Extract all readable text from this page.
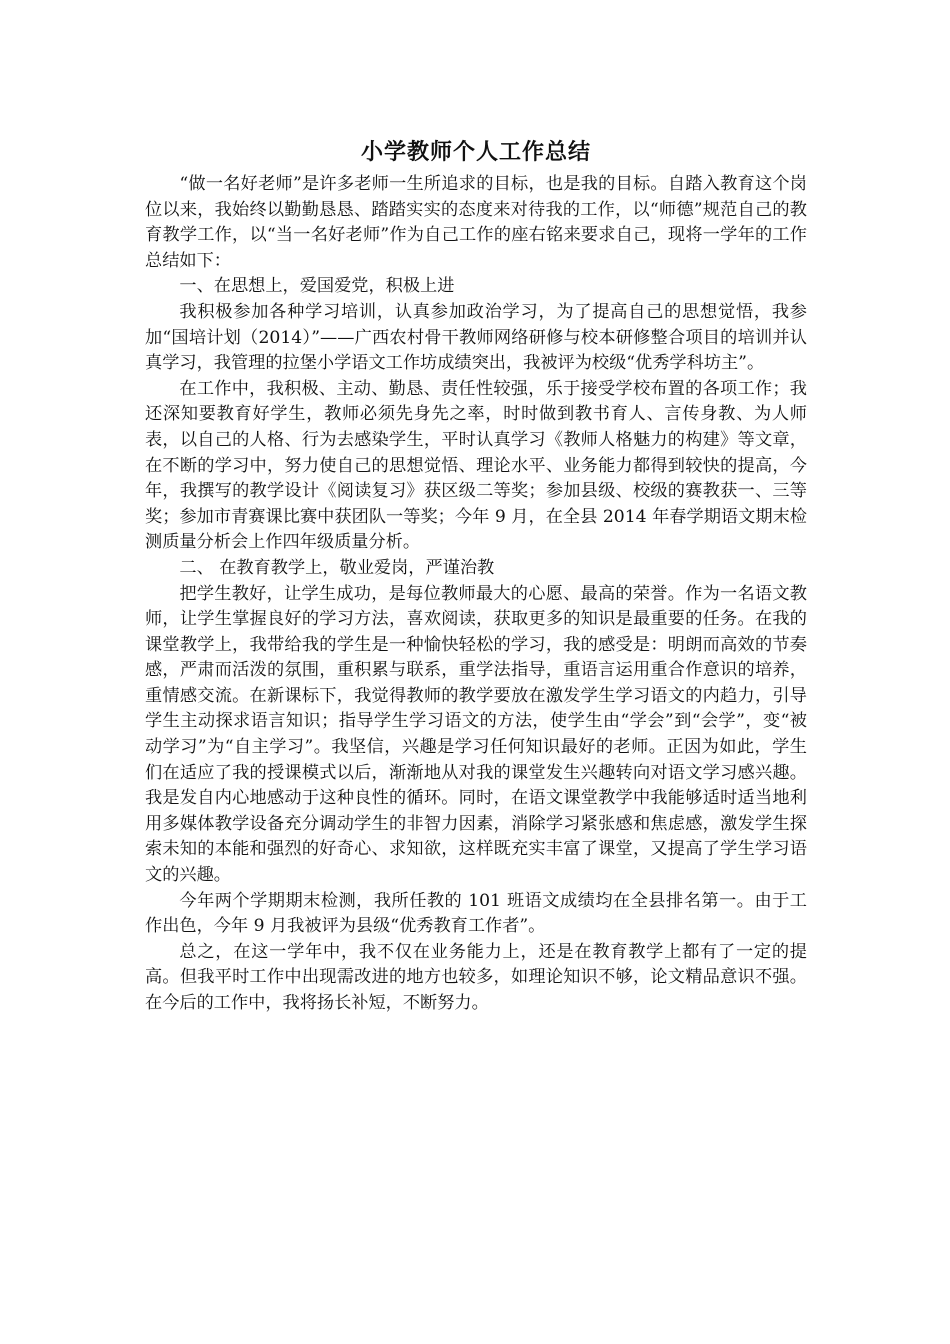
小学教师个人工作总结

“做一名好老师”是许多老师一生所追求的目标，也是我的目标。自踏入教育这个岗位以来，我始终以勤勤恳恳、踏踏实实的态度来对待我的工作，以“师德”规范自己的教育教学工作，以“当一名好老师”作为自己工作的座右铭来要求自己，现将一学年的工作总结如下：

一、在思想上，爱国爱党，积极上进

我积极参加各种学习培训，认真参加政治学习，为了提高自己的思想觉悟，我参加“国培计划（2014）”——广西农村骨干教师网络研修与校本研修整合项目的培训并认真学习，我管理的拉堡小学语文工作坊成绩突出，我被评为校级“优秀学科坊主”。

在工作中，我积极、主动、勤恳、责任性较强，乐于接受学校布置的各项工作；我还深知要教育好学生，教师必须先身先之率，时时做到教书育人、言传身教、为人师表，以自己的人格、行为去感染学生，平时认真学习《教师人格魅力的构建》等文章，在不断的学习中，努力使自己的思想觉悟、理论水平、业务能力都得到较快的提高，今年，我撰写的教学设计《阅读复习》获区级二等奖；参加县级、校级的赛教获一、三等奖；参加市青赛课比赛中获团队一等奖；今年 9 月，在全县 2014 年春学期语文期末检测质量分析会上作四年级质量分析。

二、 在教育教学上，敬业爱岗，严谨治教

把学生教好，让学生成功，是每位教师最大的心愿、最高的荣誉。作为一名语文教师，让学生掌握良好的学习方法，喜欢阅读，获取更多的知识是最重要的任务。在我的课堂教学上，我带给我的学生是一种愉快轻松的学习，我的感受是：明朗而高效的节奏感，严肃而活泼的氛围，重积累与联系，重学法指导，重语言运用重合作意识的培养，重情感交流。在新课标下，我觉得教师的教学要放在激发学生学习语文的内趋力，引导学生主动探求语言知识；指导学生学习语文的方法，使学生由“学会”到“会学”，变“被动学习”为“自主学习”。我坚信，兴趣是学习任何知识最好的老师。正因为如此，学生们在适应了我的授课模式以后，渐渐地从对我的课堂发生兴趣转向对语文学习感兴趣。我是发自内心地感动于这种良性的循环。同时，在语文课堂教学中我能够适时适当地利用多媒体教学设备充分调动学生的非智力因素，消除学习紧张感和焦虑感，激发学生探索未知的本能和强烈的好奇心、求知欲，这样既充实丰富了课堂，又提高了学生学习语文的兴趣。

今年两个学期期末检测，我所任教的 101 班语文成绩均在全县排名第一。由于工作出色，今年 9 月我被评为县级“优秀教育工作者”。

总之，在这一学年中，我不仅在业务能力上，还是在教育教学上都有了一定的提高。但我平时工作中出现需改进的地方也较多，如理论知识不够，论文精品意识不强。在今后的工作中，我将扬长补短，不断努力。
